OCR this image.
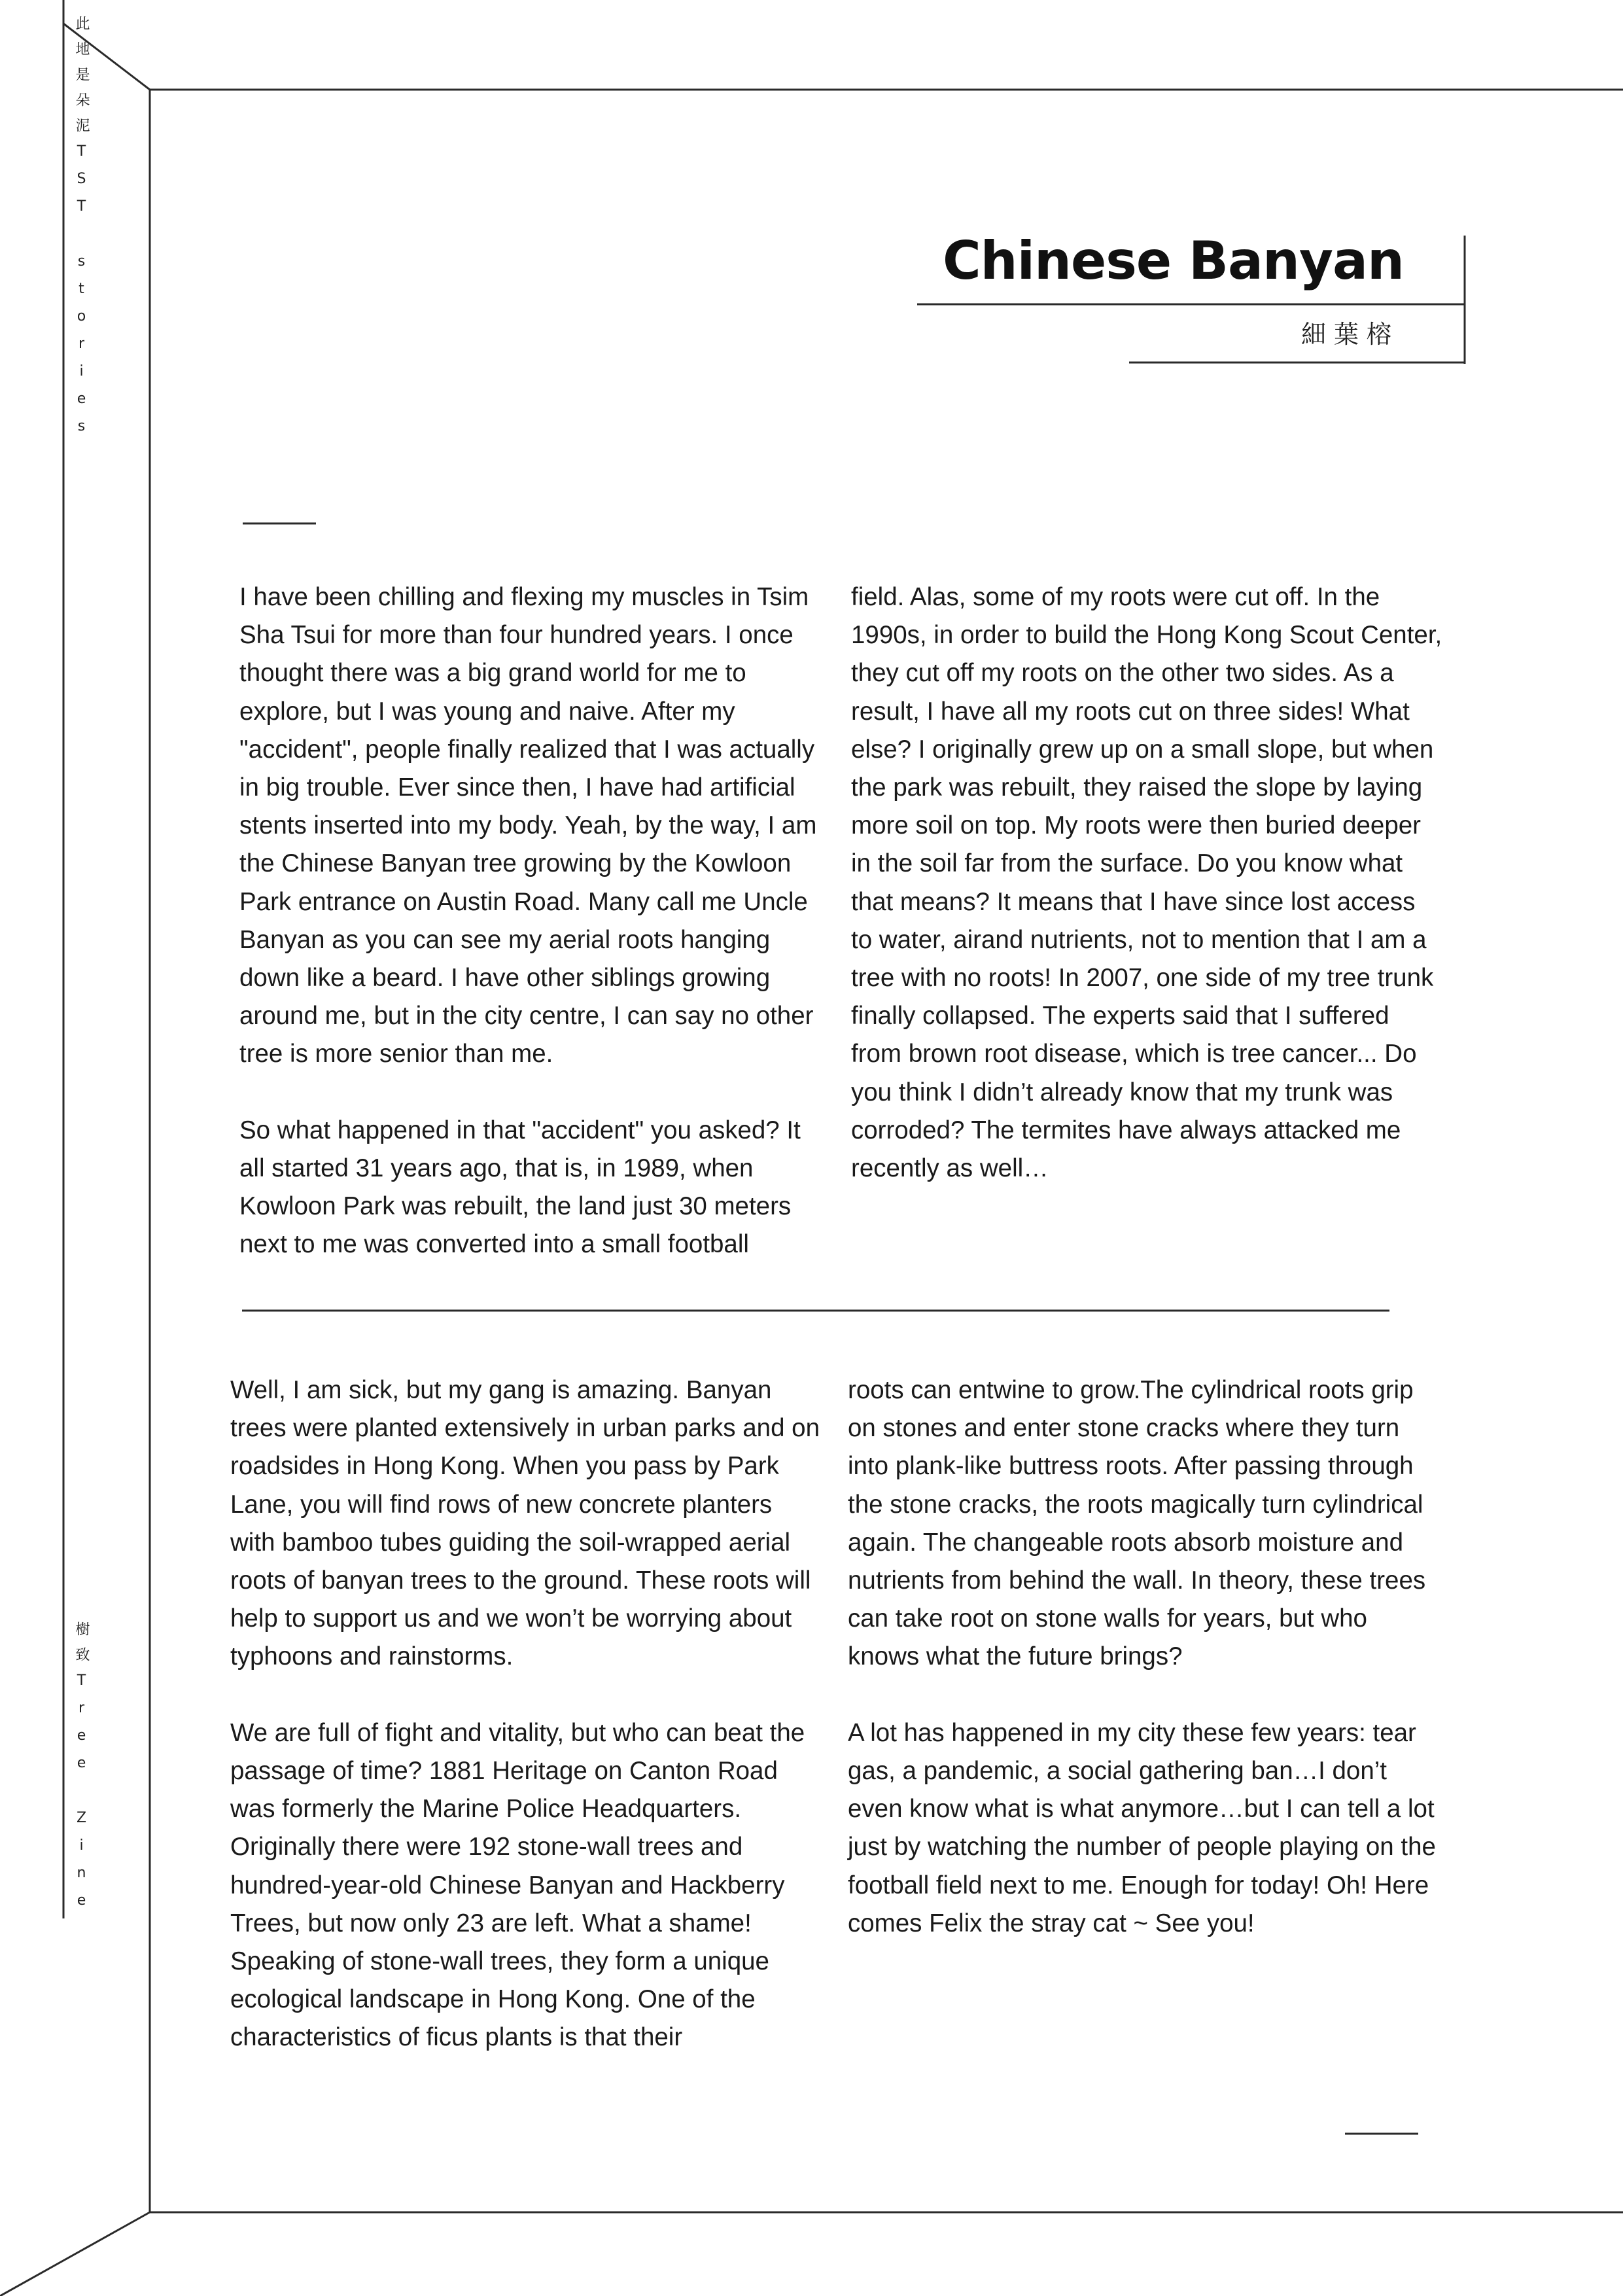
此地是朵泥TST stories
樹致Tree Zine
Chinese Banyan
細葉榕

I have been chilling and flexing my muscles in Tsim Sha Tsui for more than four hundred years. I once thought there was a big grand world for me to explore, but I was young and naive. After my "accident", people finally realized that I was actually in big trouble. Ever since then, I have had artificial stents inserted into my body. Yeah, by the way, I am the Chinese Banyan tree growing by the Kowloon Park entrance on Austin Road. Many call me Uncle Banyan as you can see my aerial roots hanging down like a beard. I have other siblings growing around me, but in the city centre, I can say no other tree is more senior than me.

So what happened in that "accident" you asked? It all started 31 years ago, that is, in 1989, when Kowloon Park was rebuilt, the land just 30 meters next to me was converted into a small football

field. Alas, some of my roots were cut off. In the 1990s, in order to build the Hong Kong Scout Center, they cut off my roots on the other two sides. As a result, I have all my roots cut on three sides! What else? I originally grew up on a small slope, but when the park was rebuilt, they raised the slope by laying more soil on top. My roots were then buried deeper in the soil far from the surface. Do you know what that means? It means that I have since lost access to water, airand nutrients, not to mention that I am a tree with no roots! In 2007, one side of my tree trunk finally collapsed. The experts said that I suffered from brown root disease, which is tree cancer... Do you think I didn’t already know that my trunk was corroded? The termites have always attacked me recently as well…

Well, I am sick, but my gang is amazing. Banyan trees were planted extensively in urban parks and on roadsides in Hong Kong. When you pass by Park Lane, you will find rows of new concrete planters with bamboo tubes guiding the soil-wrapped aerial roots of banyan trees to the ground. These roots will help to support us and we won’t be worrying about typhoons and rainstorms.

We are full of fight and vitality, but who can beat the passage of time? 1881 Heritage on Canton Road was formerly the Marine Police Headquarters. Originally there were 192 stone-wall trees and hundred-year-old Chinese Banyan and Hackberry Trees, but now only 23 are left. What a shame! Speaking of stone-wall trees, they form a unique ecological landscape in Hong Kong. One of the characteristics of ficus plants is that their

roots can entwine to grow.The cylindrical roots grip on stones and enter stone cracks where they turn into plank-like buttress roots. After passing through the stone cracks, the roots magically turn cylindrical again. The changeable roots absorb moisture and nutrients from behind the wall. In theory, these trees can take root on stone walls for years, but who knows what the future brings?

A lot has happened in my city these few years: tear gas, a pandemic, a social gathering ban…I don’t even know what is what anymore…but I can tell a lot just by watching the number of people playing on the football field next to me. Enough for today! Oh! Here comes Felix the stray cat ~ See you!
